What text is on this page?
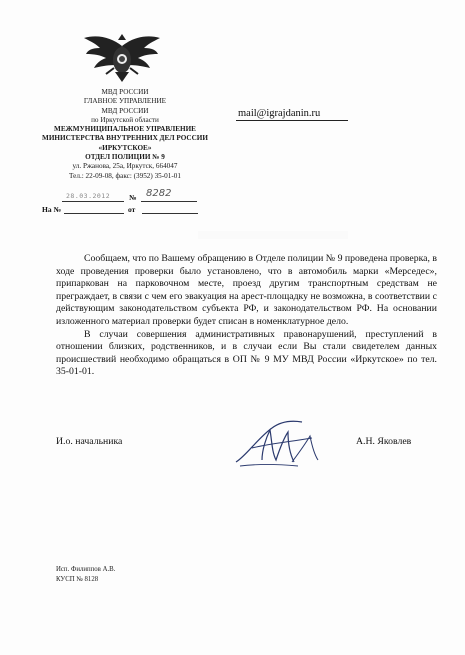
МВД РОССИИ
ГЛАВНОЕ УПРАВЛЕНИЕ
МВД РОССИИ
по Иркутской области
МЕЖМУНИЦИПАЛЬНОЕ УПРАВЛЕНИЕ
МИНИСТЕРСТВА ВНУТРЕННИХ ДЕЛ РОССИИ
«ИРКУТСКОЕ»
ОТДЕЛ ПОЛИЦИИ № 9
ул. Ржанова, 25а, Иркутск, 664047
Тел.: 22-09-08, факс: (3952) 35-01-01
mail@igrajdanin.ru
28.03.2012	№ 8282
На №	от

Сообщаем, что по Вашему обращению в Отделе полиции № 9 проведена проверка, в ходе проведения проверки было установлено, что в автомобиль марки «Мерседес», припаркован на парковочном месте, проезд другим транспортным средствам не преграждает, в связи с чем его эвакуация на арест-площадку не возможна, в соответствии с действующим законодательством субъекта РФ, и законодательством РФ. На основании изложенного материал проверки будет списан в номенклатурное дело.

В случаи совершения административных правонарушений, преступлений в отношении близких, родственников, и в случаи если Вы стали свидетелем данных происшествий необходимо обращаться в ОП № 9 МУ МВД России «Иркутское» по тел. 35-01-01.

И.о. начальника	А.Н. Яковлев
Исп. Филиппов А.В.
КУСП № 8128
